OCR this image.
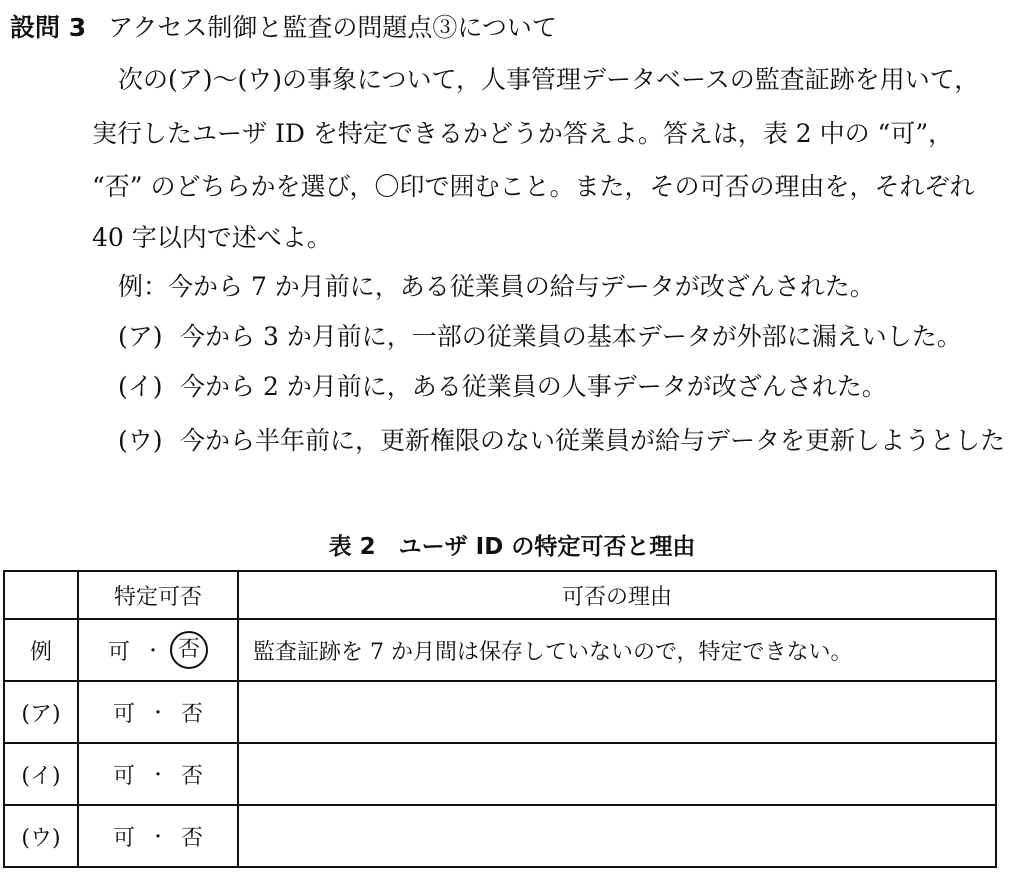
設問 3 アクセス制御と監査の問題点③について
次の(ア)～(ウ)の事象について，人事管理データベースの監査証跡を用いて，
実行したユーザ ID を特定できるかどうか答えよ。答えは，表 2 中の “可”，
“否” のどちらかを選び，〇印で囲むこと。また，その可否の理由を，それぞれ
40 字以内で述べよ。
例：今から 7 か月前に，ある従業員の給与データが改ざんされた。
(ア) 今から 3 か月前に，一部の従業員の基本データが外部に漏えいした。
(イ) 今から 2 か月前に，ある従業員の人事データが改ざんされた。
(ウ) 今から半年前に，更新権限のない従業員が給与データを更新しようとした
表 2　ユーザ ID の特定可否と理由
	特定可否	可否の理由
例	可 ・ 否	監査証跡を 7 か月間は保存していないので，特定できない。
(ア)	可 ・ 否	

(イ)	可 ・ 否	

(ウ)	可 ・ 否	
